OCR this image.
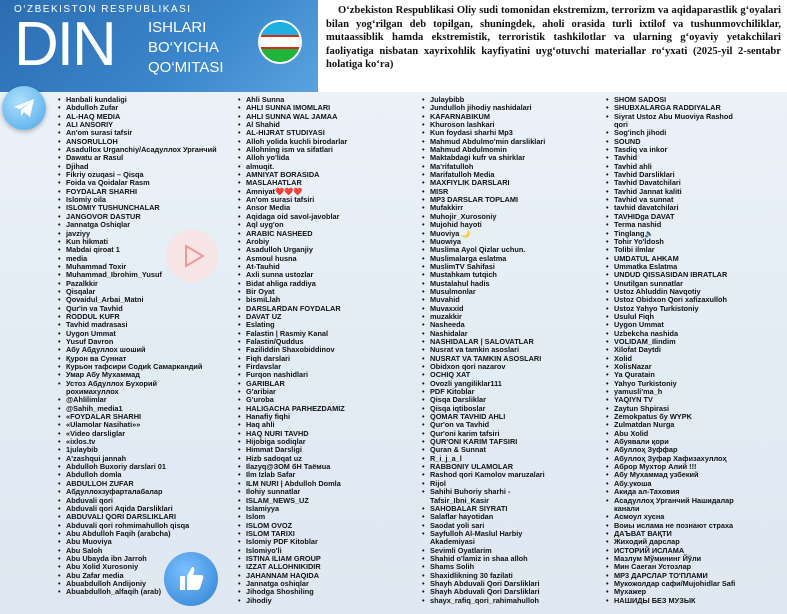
O‘ZBEKISTON RESPUBLIKASI
DIN ISHLARI
BO‘YICHA
QO‘MITASI

O‘zbekiston Respublikasi Oliy sudi tomonidan ekstremizm, terrorizm va aqidaparastlik g‘oyalari bilan yog‘rilgan deb topilgan, shuningdek, aholi orasida turli ixtilof va tushunmovchiliklar, mutaassiblik hamda ekstremistik, terroristik tashkilotlar va ularning g‘oyaviy yetakchilari faoliyatiga nisbatan xayrixohlik kayfiyatini uyg‘otuvchi materiallar ro‘yxati (2025-yil 2-sentabr holatiga ko‘ra)

• Hanbali kundaligi
• Abdulloh Zufar
• AL-HAQ MEDIA
• ALI ANSORIY
• An'om surasi tafsir
• ANSORULLOH
• Asadullox Urganchiy/Асадуллох Урганчий
• Dawatu ar Rasul
• Djihad
• Fikriy ozuqasi – Qisqa
• Foida va Qoidalar Rasm
• FOYDALAR SHARHI
• Islomiy oila
• ISLOMIY TUSHUNCHALAR
• JANGOVOR DASTUR
• Jannatga Oshiqlar
• javziyy
• Kun hikmati
• Mabdai qiroat 1
• media
• Muhammad Toxir
• Muhammad_Ibrohim_Yusuf
• Pazalkkir
• Qisqalar
• Qovaidul_Arbai_Matni
• Qur'in va Tavhid
• RODDUL KUFR
• Tavhid madrasasi
• Uygon Ummat
• Yusuf Davron
• Абу Абдуллох шоший
• Қурон ва Суннат
• Курьон тафсири Содиk Самаркандий
• Умар Абу Мухаммад
• Устоз Абдуллох Бухорий
рохимахуллох
• @Ahlilimlar
• @Sahih_media1
• «FOYDALAR SHARHI
• «Ulamolar Nasihati»»
• «Video darsliglar
• «ixlos.tv
• 1julaybib
• A'zashqui jannah
• Abdulloh Buxoriy darslari 01
• Abdulloh domla
• ABDULLOH ZUFAR
• Абдуллохзуфарталабалар
• Abduvali qori
• Abduvali qori Aqida Darsliklari
• ABDUVALI QORI DARSLIKLARI
• Abduvali qori rohmimahulloh qisqa
• Abu Abdulloh Faqih (arabcha)
• Abu Muoviya
• Abu Saloh
• Abu Ubayda ibn Jarroh
• Abu Xolid Xurosoniy
• Abu Zafar media
• Abuabdulloh Andijoniy
• Abuabdulloh_alfaqih (arab)
• Ahli Sunna
• AHLI SUNNA IMOMLARI
• AHLI SUNNA WAL JAMAA
• Al Shahid
• AL-HIJRAT STUDIYASI
• Alloh yolida kuchli birodarlar
• Allohning ism va sifatlari
• Alloh yo'lida
• almuqit.
• AMNIYAT BORASIDA
• MASLAHATLAR
• Amniyat❤️❤️❤️
• An'om surasi tafsiri
• Ansor Media
• Aqidaga oid savol-javoblar
• Aql uyg'on
• ARABIC NASHEED
• Arobiy
• Asadulloh Urganjiy
• Asmoul husna
• At-Tauhid
• Axli sunna ustozlar
• Bidat ahliga raddiya
• Bir Oyat
• bismiLlah
• DARSLARDAN FOYDALAR
• DAVAT UZ
• Eslating
• Falastin | Rasmiy Kanal
• Falastin/Quddus
• Faziliddin Shaxobiddinov
• Fiqh darslari
• Firdavslar
• Furqon nashidlari
• GARIBLAR
• G'aribiar
• G'uroba
• HALIGACHA PARHEZDAMIZ
• Hanafiy fiqhi
• Haq ahli
• HAQ NURI TAVHD
• Hijobiga sodiqlar
• Himmat Darsligi
• Hizb sadoqat uz
• Ilazyq@ЗОМ бН Таёмuа
• Ilm Izlab Safar
• ILM NURI | Abdulloh Domla
• Ilohiy sunnatlar
• ISLAM_NEWS_UZ
• Islamiyya
• Islom
• ISLOM OVOZ
• ISLOM TARIXI
• Islomiy PDF Kitoblar
• Islomiyo'li
• ISTINA ILIAM GROUP
• IZZAT ALLOHNIKIDIR
• JAHANNAM HAQIDA
• Jannatga oshiqlar
• Jihodga Shoshiling
• Jihodiy
• Julaybibb
• Jundulloh jihodiy nashidalari
• KAFARNABIKUM
• Khuroson lashkari
• Kun foydasi sharhi Mp3
• Mahmud Abdulmo'min darsliklari
• Mahmud Abdulmomin
• Maktabdagi kufr va shirklar
• Ma'rifatulloh
• Marifatulloh Media
• MAXFIYLIK DARSLARI
• MISR
• MP3 DARSLAR TOPLAMI
• Mufakkirr
• Muhojir_Xurosoniy
• Mujohid hayoti
• Muoviya 🌙
• Muowiya
• Muslima Ayol Qizlar uchun.
• Muslimalarga eslatma
• MuslimTV Sahifasi
• Mustahkam tutqich
• Mustalahul hadis
• Musulmonlar
• Muvahid
• Muvaxxid
• muzakkir
• Nasheeda
• Nashidalar
• NASHIDALAR | SALOVATLAR
• Nusrat va tamkin asoslari
• NUSRAT VA TAMKIN ASOSLARI
• Obidxon qori nazarov
• OCHIQ XAT
• Ovozli yangiliklar111
• PDF Kitoblar
• Qisqa Darsliklar
• Qisqa iqtiboslar
• QOMAR TAVHID AHLI
• Qur'on va Tavhid
• Qur'oni karim tafsiri
• QUR'ONI KARIM TAFSIRI
• Quran & Sunnat
• R_i_j_a_l
• RABBONIY ULAMOLAR
• Rashod qori Kamolov maruzalari
• Rijol
• Sahihi Buhoriy sharhi -
Tafsir_Ibni_Kasir
• SAHOBALAR SIYRATI
• Salaflar hayotidan
• Saodat yoli sari
• Sayfulloh Al-Maslul Harbiy
Akademiyasi
• Sevimli Oyatlarim
• Shahid o'lamiz in shaa alloh
• Shams Solih
• Shaxidlikning 30 fazilati
• Shayh Abduvali Qori Darsliklari
• Shayh Abduvali Qori Darsliklari
• shayx_rafiq_qori_rahimahulloh
• SHOM SADOSI
• SHUBXALARGA RADDIYALAR
• Siyrat Ustoz Abu Muoviya Rashod
qori
• Sog'inch jihodi
• SOUND
• Tasdiq va inkor
• Tavhid
• Tavhid ahli
• Tavhid Darsliklari
• Tavhid Davatchilari
• Tavhid Jannat kaliti
• Tavhid va sunnat
• tavhid davatchilari
• TAVHIDga DAVAT
• Terma nashid
• Tinglang🔈
• Tohir Yo'ldosh
• Tolibi ilmlar
• UMDATUL AHKAM
• Ummatka Eslatma
• UNDUD QISSASIDAN IBRATLAR
• Unutilgan sunnatlar
• Ustoz Ahluddin Navqotiy
• Ustoz Obidxon Qori xafizaxulloh
• Ustoz Yahyo Turkistoniy
• Usulul Fiqh
• Uygon Ummat
• Uzbekcha nashida
• VOLIDAM_Ilindim
• Xilofat Daytdi
• Xolid
• XolisNazar
• Ya Quratain
• Yahyo Turkistoniy
• yamusli'ma_h
• YAQIYN TV
• Zaytun Shpirasi
• Zemokpatus бу WYPK
• Zulmatdan Nurga
• Abu Xolid
• Абуявали қори
• Абуллоҳ Зуффар
• Абуллоҳ Зуфар Хафизахуллоҳ
• Аброр Мухтор Алий !!!
• Абу Мухаммад узбекий
• Абу.укоша
• Акида ал-Таховия
• Асадуллоҳ Урганчий Нашидалар
канали
• Асмоул хусна
• Воиы ислама не познают страха
• ДАЪВАТ ВАҚТИ
• Жиходий дарслар
• ИСТОРИЙ ИСЛАМА
• Мазлум Мўмининг Йўли
• Мин Саеган Устозлар
• МР3 ДАРСЛАР ТО'ПЛАМИ
• Мукожолдар сафи/Mujohidlar Safi
• Мухажер
• НАШИДЫ БЕЗ МУЗЫК
